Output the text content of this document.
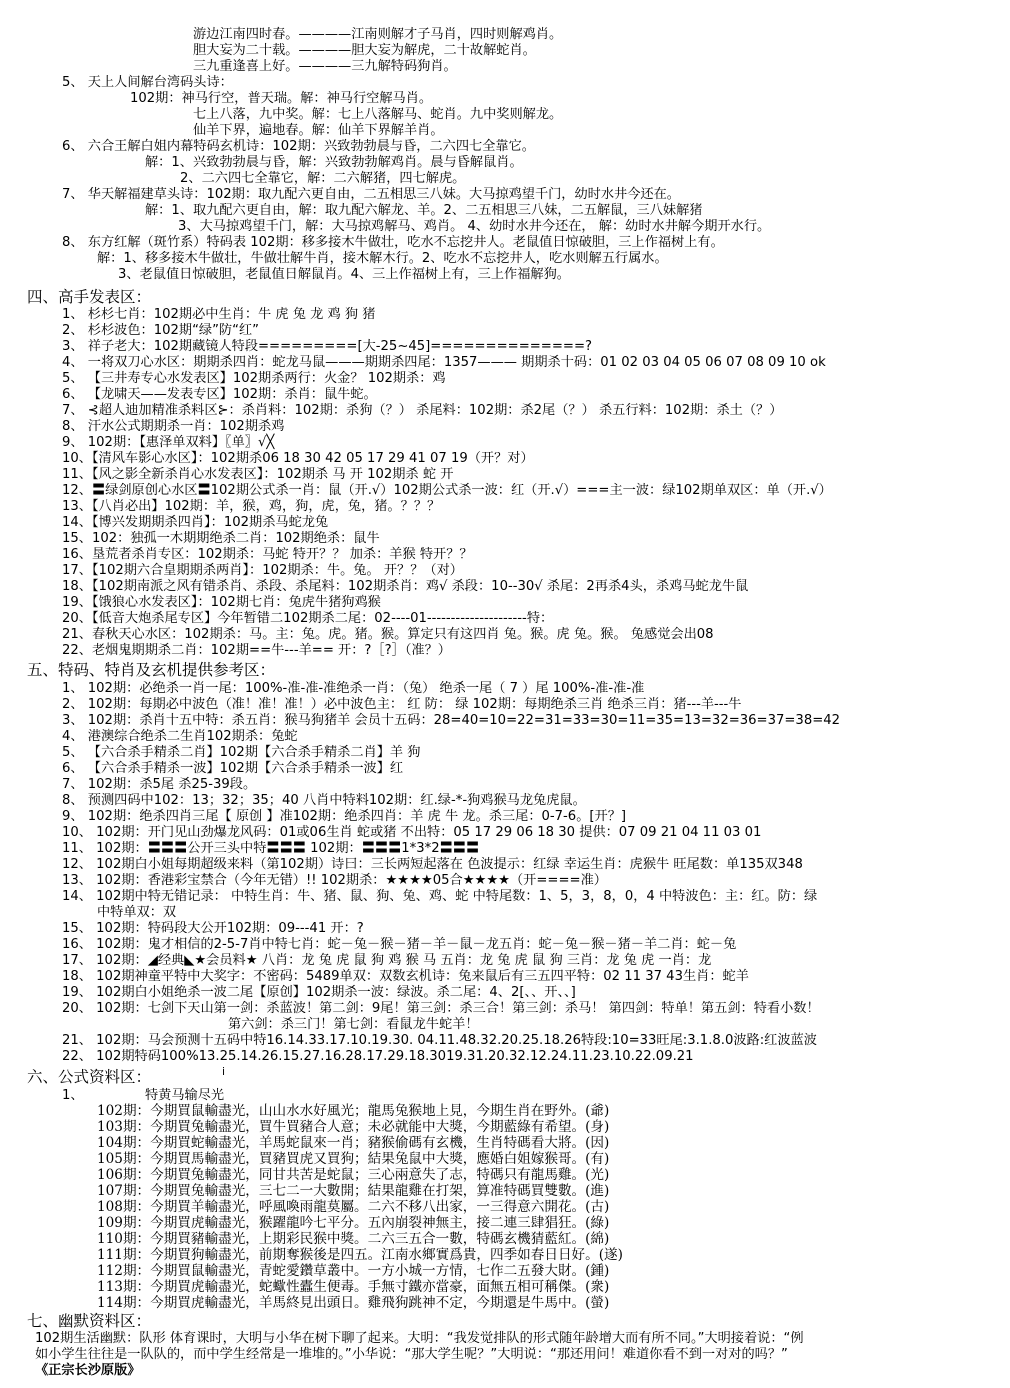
游边江南四时春。————江南则解才子马肖，四时则解鸡肖。
胆大妄为二十载。————胆大妄为解虎，二十故解蛇肖。
三九重逢喜上好。————三九解特码狗肖。
5、 天上人间解台湾码头诗：
102期：神马行空，普天瑞。解：神马行空解马肖。
七上八落，九中奖。解：七上八落解马、蛇肖。九中奖则解龙。
仙羊下界，遍地春。解：仙羊下界解羊肖。
6、 六合王解白姐内幕特码玄机诗：102期：兴致勃勃晨与昏，二六四七全靠它。
解：1、兴致勃勃晨与昏，解：兴致勃勃解鸡肖。晨与昏解鼠肖。
2、二六四七全靠它，解：二六解猪，四七解虎。
7、 华天解福建草头诗：102期：取九配六更自由，二五相思三八妹。大马掠鸡望千门，幼时水井今还在。
解：1、取九配六更自由，解：取九配六解龙、羊。2、二五相思三八妹，二五解鼠，三八妹解猪
3、大马掠鸡望千门，解：大马掠鸡解马、鸡肖。 4、幼时水井今还在， 解：幼时水井解今期开水行。
8、 东方红解（斑竹系）特码表 102期：移多接木牛做壮，吃水不忘挖井人。老鼠值日惊破胆，三上作福树上有。
解：1、移多接木牛做壮，牛做壮解牛肖，接木解木行。2、吃水不忘挖井人，吃水则解五行属水。
3、老鼠值日惊破胆，老鼠值日解鼠肖。4、三上作福树上有，三上作福解狗。
四、高手发表区：
1、 杉杉七肖：102期必中生肖：牛 虎 兔 龙 鸡 狗 猪
2、 杉杉波色：102期“绿”防“红”
3、 祥子老大：102期藏镜人特段=========[大-25~45]==============?
4、 一将双刀心水区：期期杀四肖：蛇龙马鼠———期期杀四尾：1357——— 期期杀十码：01 02 03 04 05 06 07 08 09 10 ok
5、 【三井寿专心水发表区】102期杀两行：火金？ 102期杀：鸡
6、 【龙啸天——发表专区】102期：杀肖：鼠牛蛇。
7、 ⊰超人迪加精准杀料区⊱：杀肖料：102期：杀狗（？） 杀尾料：102期：杀2尾（？） 杀五行料：102期：杀土（？）
8、 汗水公式期期杀一肖：102期杀鸡
9、 102期：【惠泽单双料】〖单〗√╳
10、【清风车影心水区】：102期杀06 18 30 42 05 17 29 41 07 19（开？对）
11、【风之影全新杀肖心水发表区】：102期杀 马 开 102期杀 蛇 开
12、〓绿剑原创心水区〓102期公式杀一肖：鼠（开.√）102期公式杀一波：红（开.√）===主一波：绿102期单双区：单（开.√）
13、【八肖必出】102期：羊，猴，鸡，狗，虎，兔，猪。？？？
14、【博兴发期期杀四肖】：102期杀马蛇龙兔
15、102：独孤一木期期绝杀二肖：102期绝杀：鼠牛
16、垦荒者杀肖专区：102期杀：马蛇 特开？？ 加杀：羊猴 特开？？
17、【102期六合皇期期杀两肖】：102期杀：牛。兔。 开？？（对）
18、【102期南派之风有错杀肖、杀段、杀尾料：102期杀肖：鸡√ 杀段：10--30√ 杀尾：2再杀4头，杀鸡马蛇龙牛鼠
19、【饿狼心水发表区】：102期七肖：兔虎牛猪狗鸡猴
20、【低音大炮杀尾专区】今年暂错二102期杀二尾：02----01---------------------特：
21、春秋天心水区：102期杀：马。主：兔。虎。猪。猴。算定只有这四肖 兔。猴。虎 兔。猴。 兔感觉会出08
22、老烟鬼期期杀二肖：102期==牛---羊== 开：?［?］（准？）
五、特码、特肖及玄机提供参考区：
1、 102期：必绝杀一肖一尾：100%-准-准-准绝杀一肖：（兔） 绝杀一尾（ 7 ）尾 100%-准-准-准
2、 102期：每期必中波色（准！准！准！）必中波色主： 红 防： 绿 102期：每期绝杀三肖 绝杀三肖：猪---羊---牛
3、 102期：杀肖十五中特：杀五肖：猴马狗猪羊 会员十五码：28=40=10=22=31=33=30=11=35=13=32=36=37=38=42
4、 港澳综合绝杀二生肖102期杀：兔蛇
5、 【六合杀手精杀二肖】102期【六合杀手精杀二肖】羊 狗
6、 【六合杀手精杀一波】102期【六合杀手精杀一波】红
7、 102期：杀5尾 杀25-39段。
8、 预测四码中102：13；32；35；40 八肖中特料102期：红.绿-*-狗鸡猴马龙兔虎鼠。
9、 102期：绝杀四肖三尾【 原创 】准102期：绝杀四肖：羊 虎 牛 龙。杀三尾：0-7-6。[开？]
10、 102期：开门见山劲爆龙风码：01或06生肖 蛇或猪 不出特：05 17 29 06 18 30 提供：07 09 21 04 11 03 01
11、 102期：〓〓〓公开三头中特〓〓〓 102期：〓〓〓1*3*2〓〓〓
12、 102期白小姐每期超级来料（第102期）诗曰：三长两短起落在 色波提示：红绿 幸运生肖：虎猴牛 旺尾数：单135双348
13、 102期：香港彩宝禁合（今年无错）!! 102期杀：★★★★05合★★★★（开====准）
14、 102期中特无错记录： 中特生肖：牛、猪、鼠、狗、兔、鸡、蛇 中特尾数：1、5，3，8，0，4 中特波色：主：红。防：绿
中特单双：双
15、 102期：特码段大公开102期：09---41 开：?
16、 102期：鬼才相信的2-5-7肖中特七肖：蛇－兔－猴－猪－羊－鼠－龙五肖：蛇－兔－猴－猪－羊二肖：蛇－兔
17、 102期：◢经典◣★会员料★ 八肖：龙 兔 虎 鼠 狗 鸡 猴 马 五肖：龙 兔 虎 鼠 狗 三肖：龙 兔 虎 一肖：龙
18、 102期神童平特中大奖字：不密码：5489单双：双数玄机诗：兔来鼠后有三五四平特：02 11 37 43生肖：蛇羊
19、 102期白小姐绝杀一波二尾【原创】102期杀一波：绿波。杀二尾：4、2[、、开、、]
20、 102期：七剑下天山第一剑：杀蓝波！第二剑：9尾！第三剑：杀三合！第三剑：杀马！ 第四剑：特单！第五剑：特看小数！
第六剑：杀三门！第七剑：看鼠龙牛蛇羊！
21、 102期：马会预测十五码中特16.14.33.17.10.19.30. 04.11.48.32.20.25.18.26特段:10=33旺尾:3.1.8.0波路:红波蓝波
22、 102期特码100%13.25.14.26.15.27.16.28.17.29.18.3019.31.20.32.12.24.11.23.10.22.09.21
六、公式资料区：	i
1、	特黄马输尽光
102期：今期買鼠輸盡光，山山水水好風光；龍馬兔猴地上見，今期生肖在野外。(爺)
103期：今期買兔輸盡光，買牛買豬合人意；未必就能中大獎，今期藍綠有希望。(身)
104期：今期買蛇輸盡光，羊馬蛇鼠來一肖；豬猴偷碼有玄機，生肖特碼看大將。(因)
105期：今期買馬輸盡光，買豬買虎又買狗；結果兔鼠中大獎，應婚白姐嫁猴哥。(有)
106期：今期買兔輸盡光，同甘共苦是蛇鼠；三心兩意失了志，特碼只有龍馬雞。(光)
107期：今期買兔輸盡光，三七二一大數開；結果龍雞在打架，算准特碼買雙數。(進)
108期：今期買羊輸盡光，呼風喚雨龍莫屬。二六不移八出家，一三得意六開花。(古)
109期：今期買虎輸盡光，猴躍龍吟七平分。五內崩裂神無主，接二連三肆猖狂。(綠)
110期：今期買豬輸盡光，上期彩民猴中獎。二六三五合一數，特碼玄機猜藍紅。(綿)
111期：今期買狗輸盡光，前期奪猴後是四五。江南水鄉實爲貴，四季如春日日好。(遂)
112期：今期買鼠輸盡光，青蛇愛鑽草叢中。一方小城一方情，七作二五發大財。(鍾)
113期：今期買虎輸盡光，蛇蠍性蠹生便毒。手無寸鐵亦當豪，面無五相可稱傑。(衆)
114期：今期買虎輸盡光，羊馬終見出頭日。雞飛狗跳神不定，今期還是牛馬中。(螢)
七、幽默资料区：
102期生活幽默：队形 体育课时，大明与小华在树下聊了起来。大明：“我发觉排队的形式随年龄增大而有所不同。”大明接着说：“例
如小学生往往是一队队的，而中学生经常是一堆堆的。”小华说：“那大学生呢？”大明说：“那还用问！难道你看不到一对对的吗？”
《正宗长沙原版》
